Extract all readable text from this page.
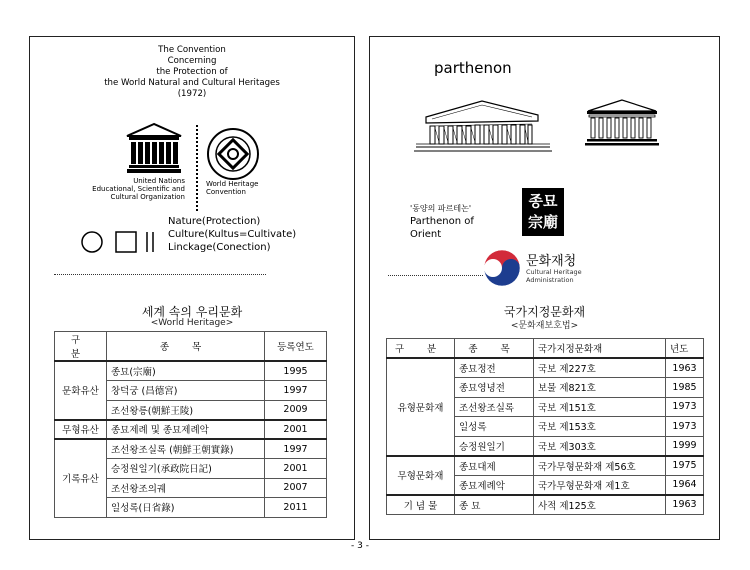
The Convention
Concerning
the Protection of
the World Natural and Cultural Heritages
(1972)
United Nations
Educational, Scientific and
Cultural Organization
World Heritage
Convention
Nature(Protection)
Culture(Kultus=Cultivate)
Linckage(Conection)
세계 속의 우리문화
<World Heritage>
구 분	종 목	등록연도
문화유산	종묘(宗廟)	1995
	창덕궁 (昌德宮)	1997
	조선왕릉(朝鮮王陵)	2009
무형유산	종묘제례 및 종묘제례악	2001
기록유산	조선왕조실록 (朝鮮王朝實錄)	1997
	승정원일기(承政院日記)	2001
	조선왕조의궤	2007
	일성록(日省錄)	2011
parthenon
'동양의 파르테논'
Parthenon of
Orient
종묘
宗廟
문화재청
Cultural Heritage
Administration
국가지정문화재
<문화재보호법>
구 분	종 목	국가지정문화재	년도
유형문화재	종묘정전	국보 제227호	1963
	종묘영녕전	보물 제821호	1985
	조선왕조실록	국보 제151호	1973
	일성록	국보 제153호	1973
	승정원일기	국보 제303호	1999
무형문화재	종묘대제	국가무형문화재 제56호	1975
	종묘제례악	국가무형문화재 제1호	1964
기 념 물	종 묘	사적 제125호	1963
- 3 -
